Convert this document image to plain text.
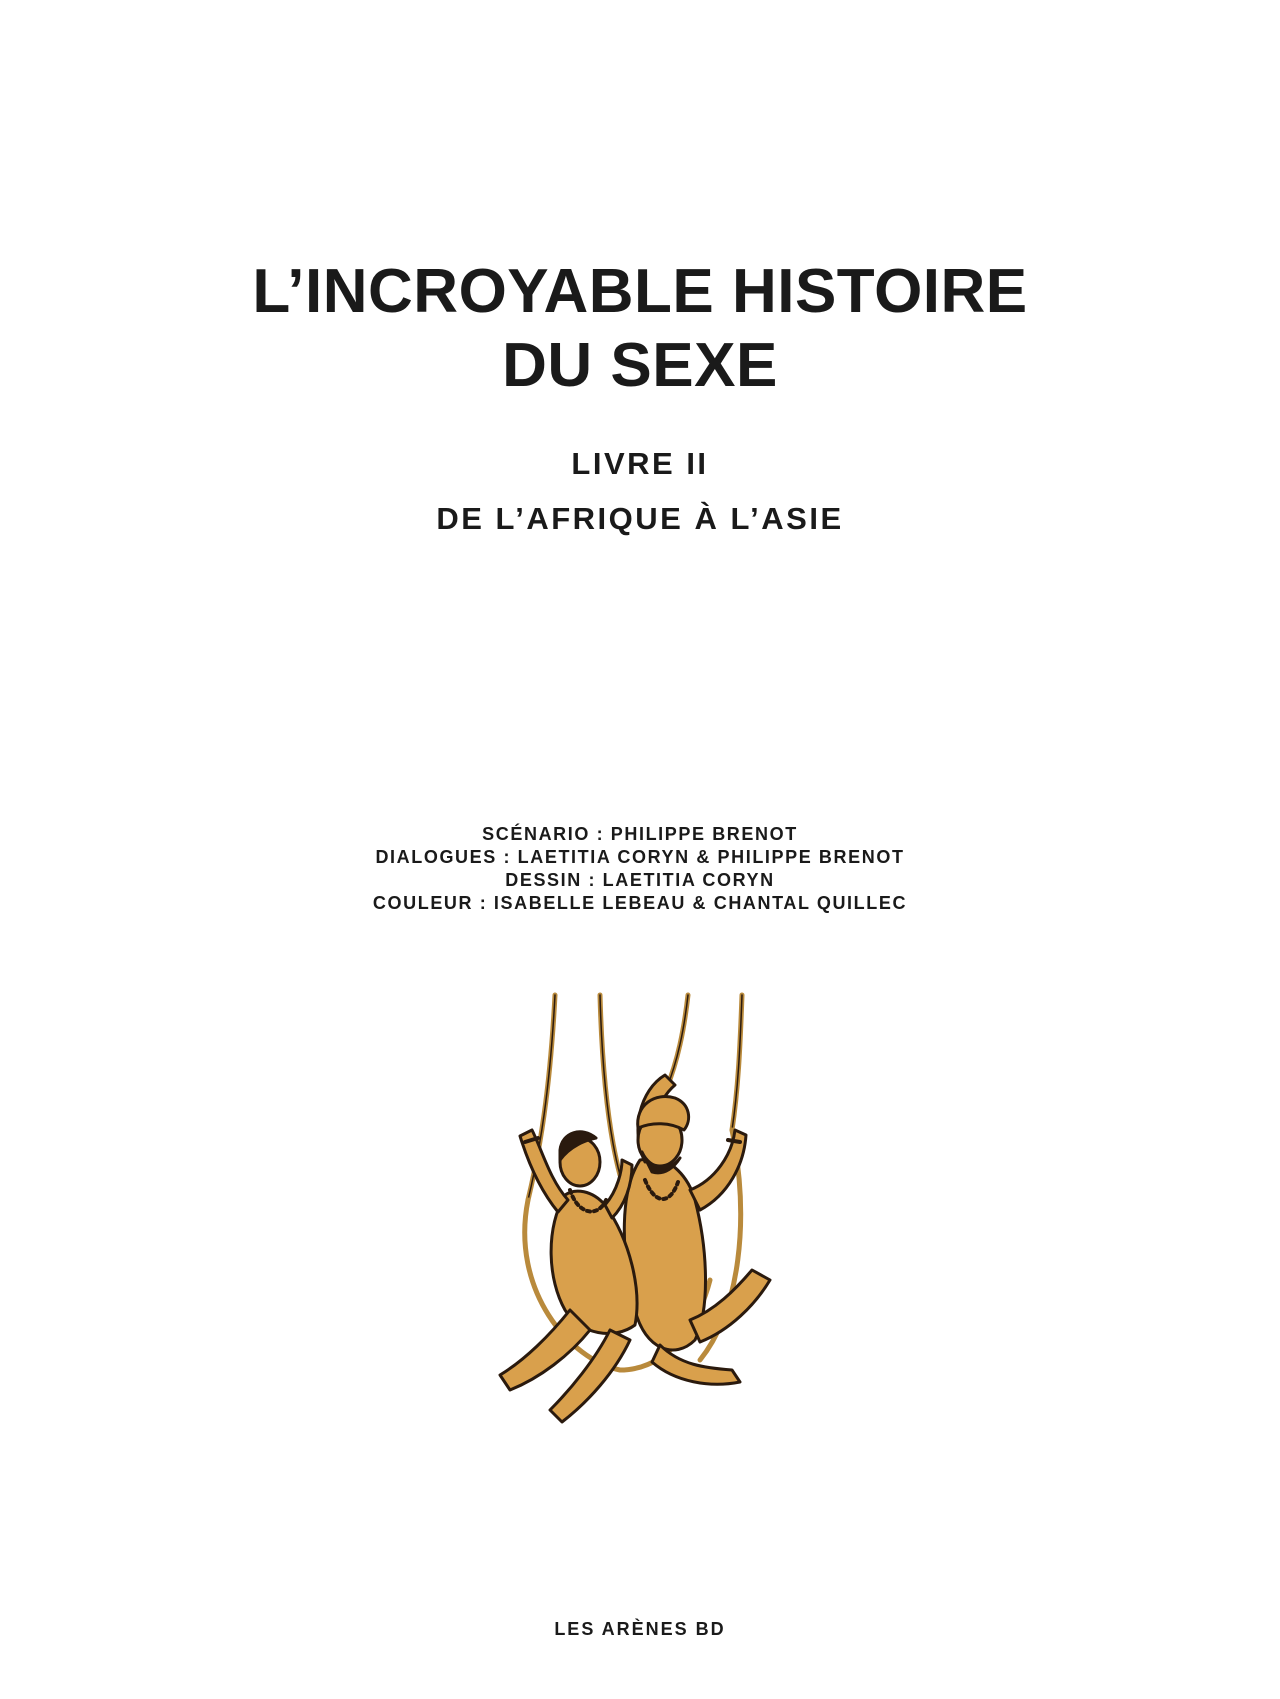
L’INCROYABLE HISTOIRE
DU SEXE
LIVRE II
DE L’AFRIQUE À L’ASIE
SCÉNARIO : PHILIPPE BRENOT
DIALOGUES : LAETITIA CORYN & PHILIPPE BRENOT
DESSIN : LAETITIA CORYN
COULEUR : ISABELLE LEBEAU & CHANTAL QUILLEC
LES ARÈNES BD
